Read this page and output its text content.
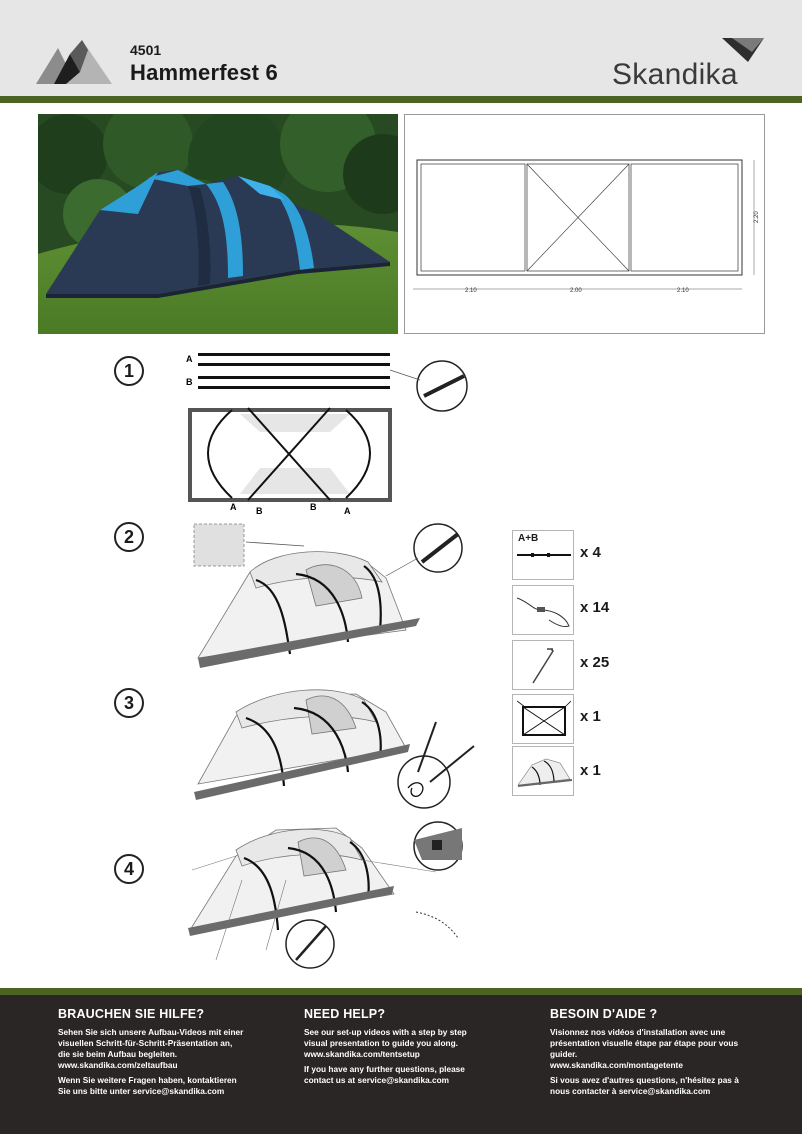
4501
Hammerfest 6	Skandika
2.10	2.00	2.10
2.20
1
A
B
A B	B	A
2
3
4
A+B
x 4
x 14
x 25
x 1
x 1
BRAUCHEN SIE HILFE?

Sehen Sie sich unsere Aufbau-Videos mit einer

visuellen Schritt-für-Schritt-Präsentation an,

die sie beim Aufbau begleiten.

www.skandika.com/zeltaufbau

Wenn Sie weitere Fragen haben, kontaktieren

Sie uns bitte unter service@skandika.com

NEED HELP?

See our set-up videos with a step by step

visual presentation to guide you along.

www.skandika.com/tentsetup

If you have any further questions, please

contact us at service@skandika.com

BESOIN D'AIDE ?

Visionnez nos vidéos d'installation avec une

présentation visuelle étape par étape pour vous

guider.

www.skandika.com/montagetente

Si vous avez d'autres questions, n'hésitez pas à

nous contacter à service@skandika.com
